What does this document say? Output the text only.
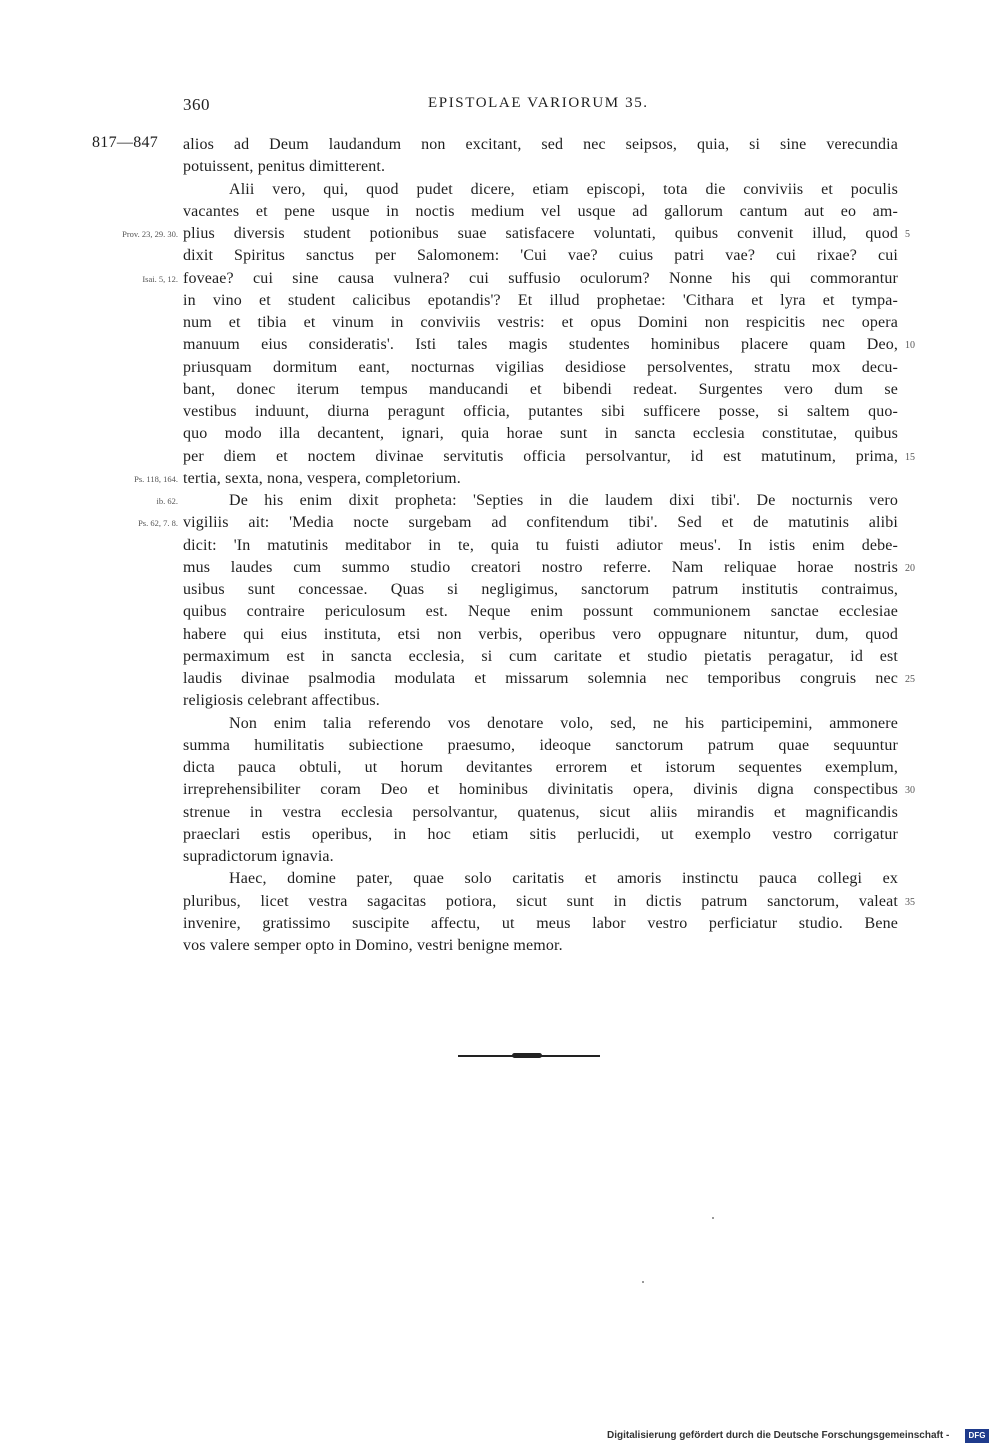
360	EPISTOLAE VARIORUM 35.
817—847 alios ad Deum laudandum non excitant, sed nec seipsos, quia, si sine verecundia
potuissent, penitus dimitterent.
Alii vero, qui, quod pudet dicere, etiam episcopi, tota die conviviis et poculis
vacantes et pene usque in noctis medium vel usque ad gallorum cantum aut eo am-
plius diversis student potionibus suae satisfacere voluntati, quibus convenit illud, quod
dixit Spiritus sanctus per Salomonem: 'Cui vae? cuius patri vae? cui rixae? cui
foveae? cui sine causa vulnera? cui suffusio oculorum? Nonne his qui commorantur
in vino et student calicibus epotandis'? Et illud prophetae: 'Cithara et lyra et tympa-
num et tibia et vinum in conviviis vestris: et opus Domini non respicitis nec opera
manuum eius consideratis'. Isti tales magis studentes hominibus placere quam Deo,
priusquam dormitum eant, nocturnas vigilias desidiose persolventes, stratu mox decu-
bant, donec iterum tempus manducandi et bibendi redeat. Surgentes vero dum se
vestibus induunt, diurna peragunt officia, putantes sibi sufficere posse, si saltem quo-
quo modo illa decantent, ignari, quia horae sunt in sancta ecclesia constitutae, quibus
per diem et noctem divinae servitutis officia persolvantur, id est matutinum, prima,
tertia, sexta, nona, vespera, completorium.
De his enim dixit propheta: 'Septies in die laudem dixi tibi'. De nocturnis vero
vigiliis ait: 'Media nocte surgebam ad confitendum tibi'. Sed et de matutinis alibi
dicit: 'In matutinis meditabor in te, quia tu fuisti adiutor meus'. In istis enim debe-
mus laudes cum summo studio creatori nostro referre. Nam reliquae horae nostris
usibus sunt concessae. Quas si negligimus, sanctorum patrum institutis contraimus,
quibus contraire periculosum est. Neque enim possunt communionem sanctae ecclesiae
habere qui eius instituta, etsi non verbis, operibus vero oppugnare nituntur, dum, quod
permaximum est in sancta ecclesia, si cum caritate et studio pietatis peragatur, id est
laudis divinae psalmodia modulata et missarum solemnia nec temporibus congruis nec
religiosis celebrant affectibus.
Non enim talia referendo vos denotare volo, sed, ne his participemini, ammonere
summa humilitatis subiectione praesumo, ideoque sanctorum patrum quae sequuntur
dicta pauca obtuli, ut horum devitantes errorem et istorum sequentes exemplum,
irreprehensibiliter coram Deo et hominibus divinitatis opera, divinis digna conspectibus
strenue in vestra ecclesia persolvantur, quatenus, sicut aliis mirandis et magnificandis
praeclari estis operibus, in hoc etiam sitis perlucidi, ut exemplo vestro corrigatur
supradictorum ignavia.
Haec, domine pater, quae solo caritatis et amoris instinctu pauca collegi ex
pluribus, licet vestra sagacitas potiora, sicut sunt in dictis patrum sanctorum, valeat
invenire, gratissimo suscipite affectu, ut meus labor vestro perficiatur studio. Bene
vos valere semper opto in Domino, vestri benigne memor.
Prov. 23, 29. 30.
Isai. 5, 12.
Ps. 118, 164.
ib. 62.
Ps. 62, 7. 8.
5
10
15
20
25
30
35
Digitalisierung gefördert durch die Deutsche Forschungsgemeinschaft -	DFG
